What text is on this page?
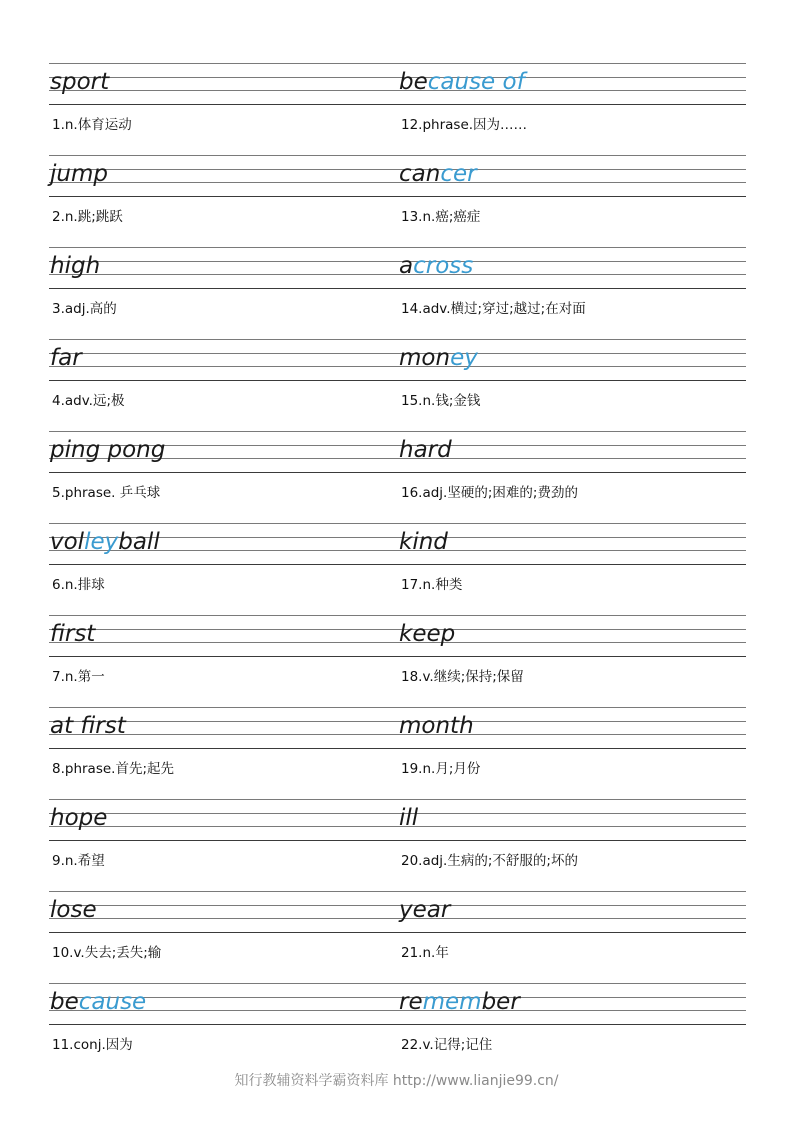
sport
1.n.体育运动
because of
12.phrase.因为……
jump
2.n.跳;跳跃
cancer
13.n.癌;癌症
high
3.adj.高的
across
14.adv.横过;穿过;越过;在对面
far
4.adv.远;极
money
15.n.钱;金钱
ping pong
5.phrase. 乒乓球
hard
16.adj.坚硬的;困难的;费劲的
volleyball
6.n.排球
kind
17.n.种类
first
7.n.第一
keep
18.v.继续;保持;保留
at first
8.phrase.首先;起先
month
19.n.月;月份
hope
9.n.希望
ill
20.adj.生病的;不舒服的;坏的
lose
10.v.失去;丢失;输
year
21.n.年
because
11.conj.因为
remember
22.v.记得;记住
知行教辅资料学霸资料库 http://www.lianjie99.cn/
